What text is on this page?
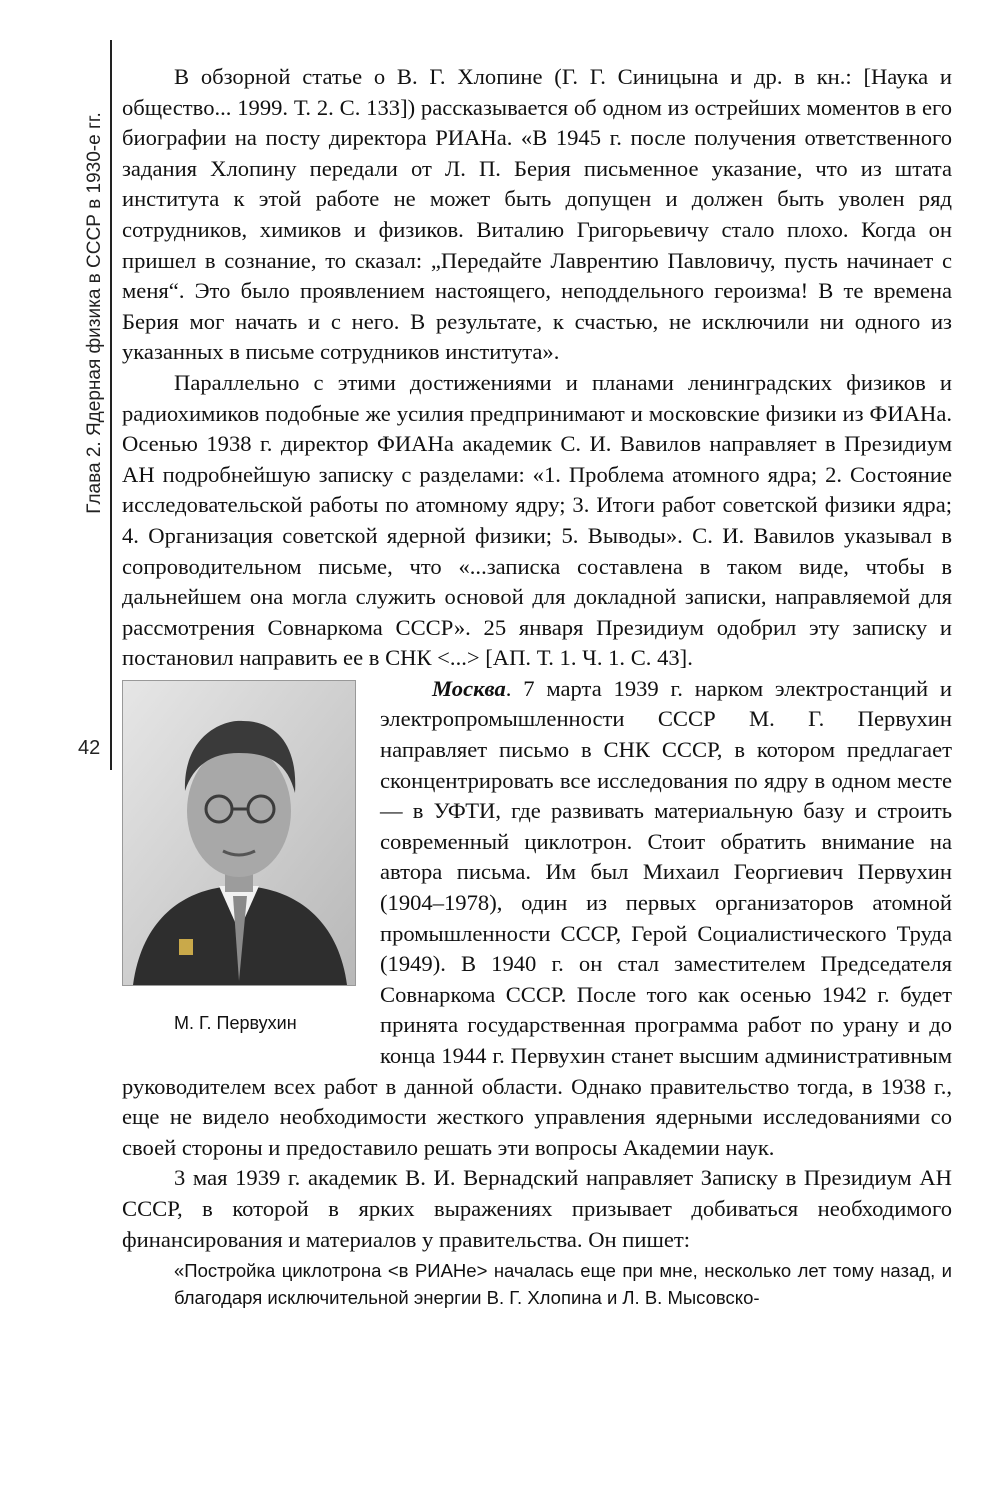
Глава 2. Ядерная физика в СССР в 1930-е гг.
42

В обзорной статье о В. Г. Хлопине (Г. Г. Синицына и др. в кн.: [Наука и общество... 1999. Т. 2. С. 133]) рассказывается об одном из острейших моментов в его биографии на посту директора РИАНа. «В 1945 г. после получения ответственного задания Хлопину передали от Л. П. Берия письменное указание, что из штата института к этой работе не может быть допущен и должен быть уволен ряд сотрудников, химиков и физиков. Виталию Григорьевичу стало плохо. Когда он пришел в сознание, то сказал: „Передайте Лаврентию Павловичу, пусть начинает с меня“. Это было проявлением настоящего, неподдельного героизма! В те времена Берия мог начать и с него. В результате, к счастью, не исключили ни одного из указанных в письме сотрудников института».

Параллельно с этими достижениями и планами ленинградских физиков и радиохимиков подобные же усилия предпринимают и московские физики из ФИАНа. Осенью 1938 г. директор ФИАНа академик С. И. Вавилов направляет в Президиум АН подробнейшую записку с разделами: «1. Проблема атомного ядра; 2. Состояние исследовательской работы по атомному ядру; 3. Итоги работ советской физики ядра; 4. Организация советской ядерной физики; 5. Выводы». С. И. Вавилов указывал в сопроводительном письме, что «...записка составлена в таком виде, чтобы в дальнейшем она могла служить основой для докладной записки, направляемой для рассмотрения Совнаркома СССР». 25 января Президиум одобрил эту записку и постановил направить ее в СНК <...> [АП. Т. 1. Ч. 1. С. 43].

М. Г. Первухин

Москва. 7 марта 1939 г. нарком электростанций и электропромышленности СССР М. Г. Первухин направляет письмо в СНК СССР, в котором предлагает сконцентрировать все исследования по ядру в одном месте — в УФТИ, где развивать материальную базу и строить современный циклотрон. Стоит обратить внимание на автора письма. Им был Михаил Георгиевич Первухин (1904–1978), один из первых организаторов атомной промышленности СССР, Герой Социалистического Труда (1949). В 1940 г. он стал заместителем Председателя Совнаркома СССР. После того как осенью 1942 г. будет принята государственная программа работ по урану и до конца 1944 г. Первухин станет высшим административным руководителем всех работ в данной области. Однако правительство тогда, в 1938 г., еще не видело необходимости жесткого управления ядерными исследованиями со своей стороны и предоставило решать эти вопросы Академии наук.

3 мая 1939 г. академик В. И. Вернадский направляет Записку в Президиум АН СССР, в которой в ярких выражениях призывает добиваться необходимого финансирования и материалов у правительства. Он пишет:

«Постройка циклотрона <в РИАНе> началась еще при мне, несколько лет тому назад, и благодаря исключительной энергии В. Г. Хлопина и Л. В. Мысовско-
